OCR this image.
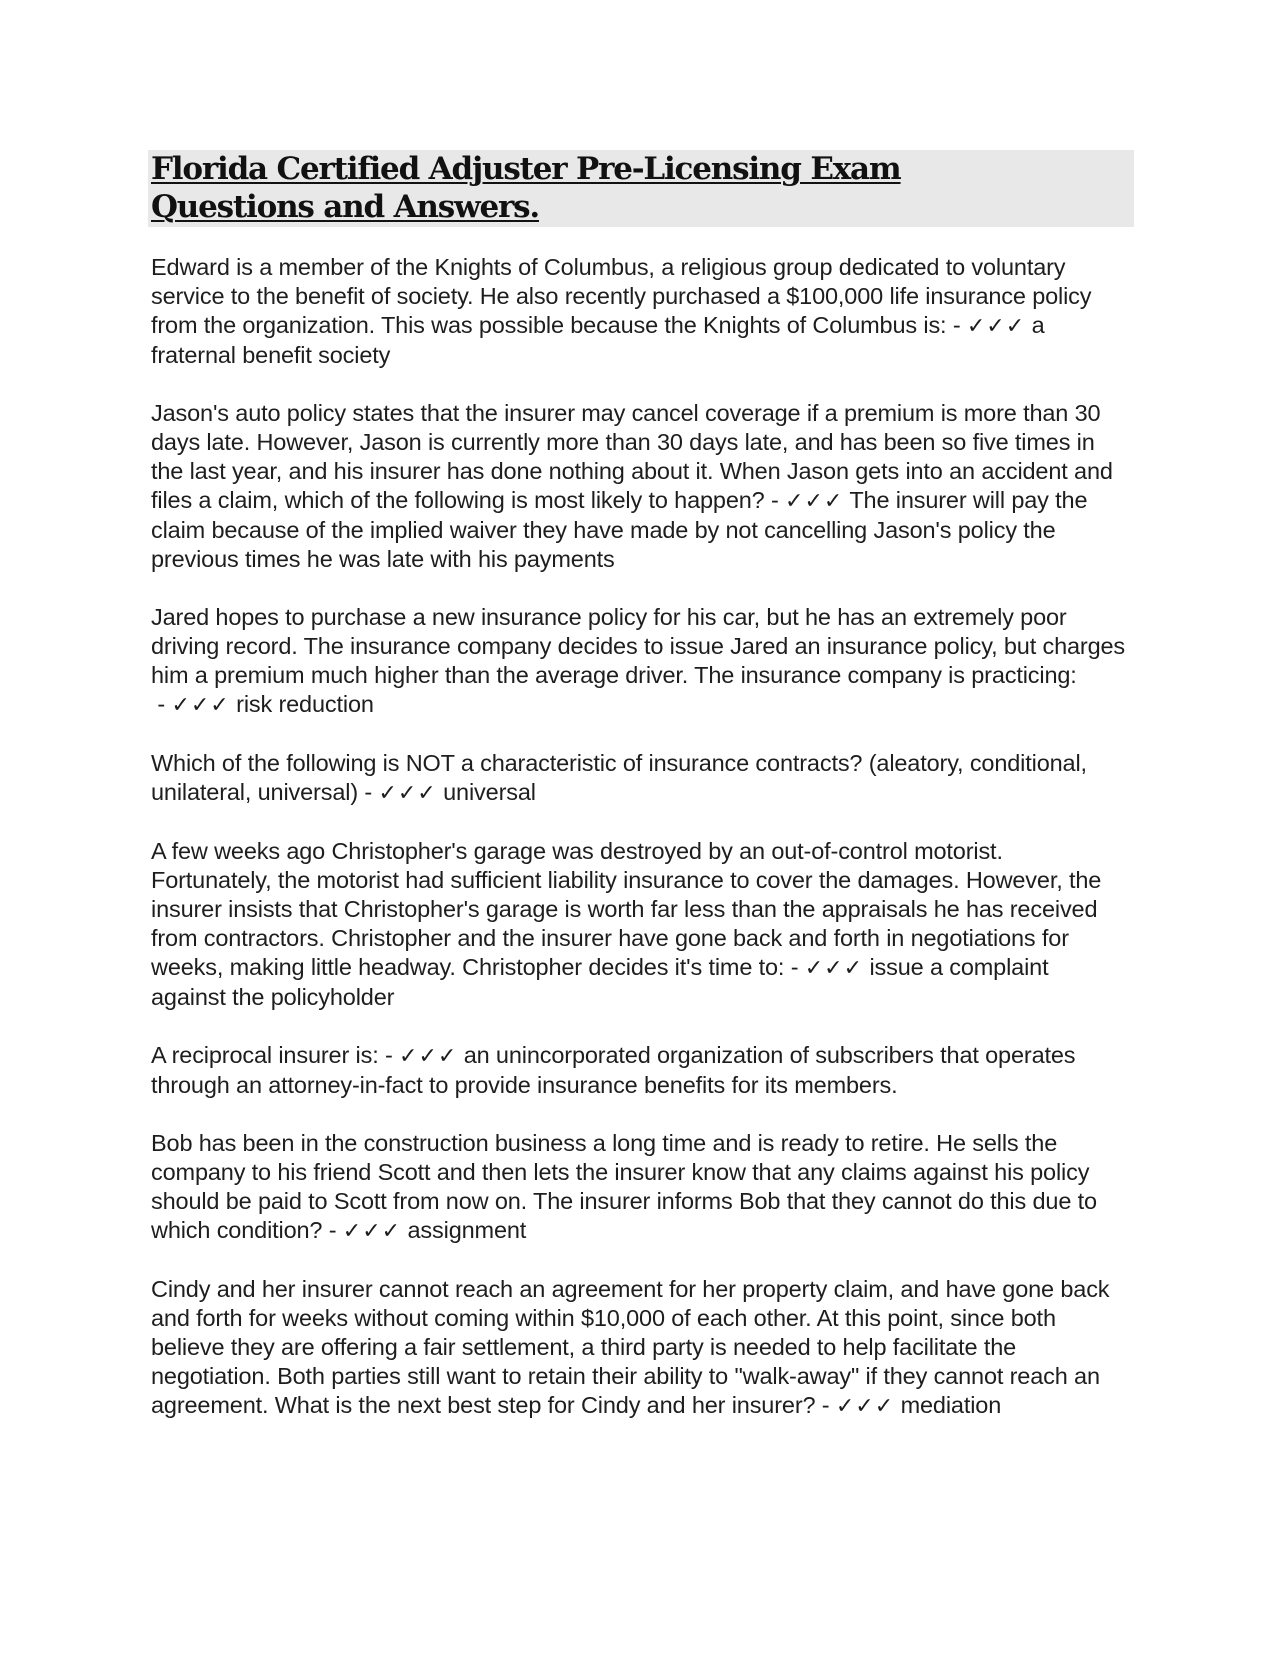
Florida Certified Adjuster Pre-Licensing Exam Questions and Answers.

Edward is a member of the Knights of Columbus, a religious group dedicated to voluntary service to the benefit of society. He also recently purchased a $100,000 life insurance policy from the organization. This was possible because the Knights of Columbus is: - ✓✓✓ a fraternal benefit society

Jason's auto policy states that the insurer may cancel coverage if a premium is more than 30 days late. However, Jason is currently more than 30 days late, and has been so five times in the last year, and his insurer has done nothing about it. When Jason gets into an accident and files a claim, which of the following is most likely to happen? - ✓✓✓ The insurer will pay the claim because of the implied waiver they have made by not cancelling Jason's policy the previous times he was late with his payments

Jared hopes to purchase a new insurance policy for his car, but he has an extremely poor driving record. The insurance company decides to issue Jared an insurance policy, but charges him a premium much higher than the average driver. The insurance company is practicing: - ✓✓✓ risk reduction

Which of the following is NOT a characteristic of insurance contracts? (aleatory, conditional, unilateral, universal) - ✓✓✓ universal

A few weeks ago Christopher's garage was destroyed by an out-of-control motorist. Fortunately, the motorist had sufficient liability insurance to cover the damages. However, the insurer insists that Christopher's garage is worth far less than the appraisals he has received from contractors. Christopher and the insurer have gone back and forth in negotiations for weeks, making little headway. Christopher decides it's time to: - ✓✓✓ issue a complaint against the policyholder

A reciprocal insurer is: - ✓✓✓ an unincorporated organization of subscribers that operates through an attorney-in-fact to provide insurance benefits for its members.

Bob has been in the construction business a long time and is ready to retire. He sells the company to his friend Scott and then lets the insurer know that any claims against his policy should be paid to Scott from now on. The insurer informs Bob that they cannot do this due to which condition? - ✓✓✓ assignment

Cindy and her insurer cannot reach an agreement for her property claim, and have gone back and forth for weeks without coming within $10,000 of each other. At this point, since both believe they are offering a fair settlement, a third party is needed to help facilitate the negotiation. Both parties still want to retain their ability to "walk-away" if they cannot reach an agreement. What is the next best step for Cindy and her insurer? - ✓✓✓ mediation
